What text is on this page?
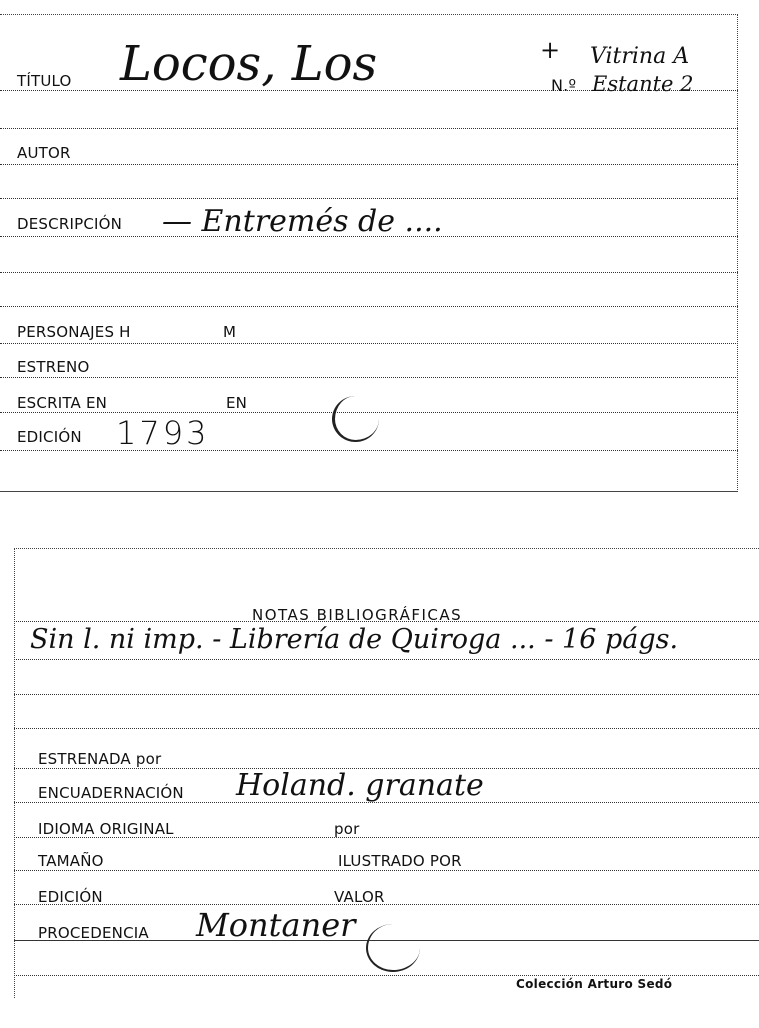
TÍTULO Locos, Los	+ Vitrina A
N.º Estante 2
AUTOR
DESCRIPCIÓN — Entremés de ....
PERSONAJES H	M
ESTRENO
ESCRITA EN	EN
EDICIÓN 1793
NOTAS BIBLIOGRÁFICAS
Sin l. ni imp. - Librería de Quiroga ... - 16 págs.
ESTRENADA por
ENCUADERNACIÓN Holand. granate
IDIOMA ORIGINAL	por
TAMAÑO	ILUSTRADO POR
EDICIÓN	VALOR
PROCEDENCIA Montaner
Colección Arturo Sedó
